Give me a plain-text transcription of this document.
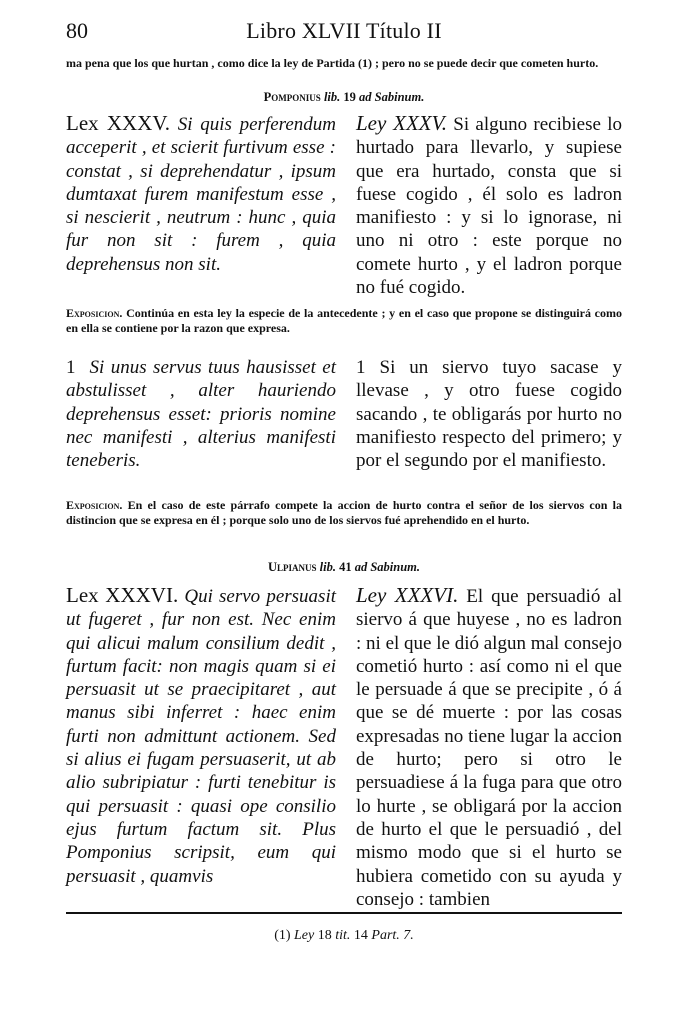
80	Libro XLVII Título II
ma pena que los que hurtan , como dice la ley de Partida (1) ; pero no se puede decir que cometen hurto.
Pomponius lib. 19 ad Sabinum.
Lex XXXV. Si quis perferendum acceperit , et scierit furtivum esse : constat , si deprehendatur , ipsum dumtaxat furem manifestum esse , si nescierit , neutrum : hunc , quia fur non sit : furem , quia deprehensus non sit.
Ley XXXV. Si alguno recibiese lo hurtado para llevarlo, y supiese que era hurtado, consta que si fuese cogido , él solo es ladron manifiesto : y si lo ignorase, ni uno ni otro : este porque no comete hurto , y el ladron porque no fué cogido.
Exposicion. Continúa en esta ley la especie de la antecedente ; y en el caso que propone se distinguirá como en ella se contiene por la razon que expresa.
1 Si unus servus tuus hausisset et abstulisset , alter hauriendo deprehensus esset: prioris nomine nec manifesti , alterius manifesti teneberis.
1 Si un siervo tuyo sacase y llevase , y otro fuese cogido sacando , te obligarás por hurto no manifiesto respecto del primero; y por el segundo por el manifiesto.
Exposicion. En el caso de este párrafo compete la accion de hurto contra el señor de los siervos con la distincion que se expresa en él ; porque solo uno de los siervos fué aprehendido en el hurto.
Ulpianus lib. 41 ad Sabinum.
Lex XXXVI. Qui servo persuasit ut fugeret , fur non est. Nec enim qui alicui malum consilium dedit , furtum facit: non magis quam si ei persuasit ut se praecipitaret , aut manus sibi inferret : haec enim furti non admittunt actionem. Sed si alius ei fugam persuaserit, ut ab alio subripiatur : furti tenebitur is qui persuasit : quasi ope consilio ejus furtum factum sit. Plus Pomponius scripsit, eum qui persuasit , quamvis
Ley XXXVI. El que persuadió al siervo á que huyese , no es ladron : ni el que le dió algun mal consejo cometió hurto : así como ni el que le persuade á que se precipite , ó á que se dé muerte : por las cosas expresadas no tiene lugar la accion de hurto; pero si otro le persuadiese á la fuga para que otro lo hurte , se obligará por la accion de hurto el que le persuadió , del mismo modo que si el hurto se hubiera cometido con su ayuda y consejo : tambien
(1) Ley 18 tit. 14 Part. 7.
